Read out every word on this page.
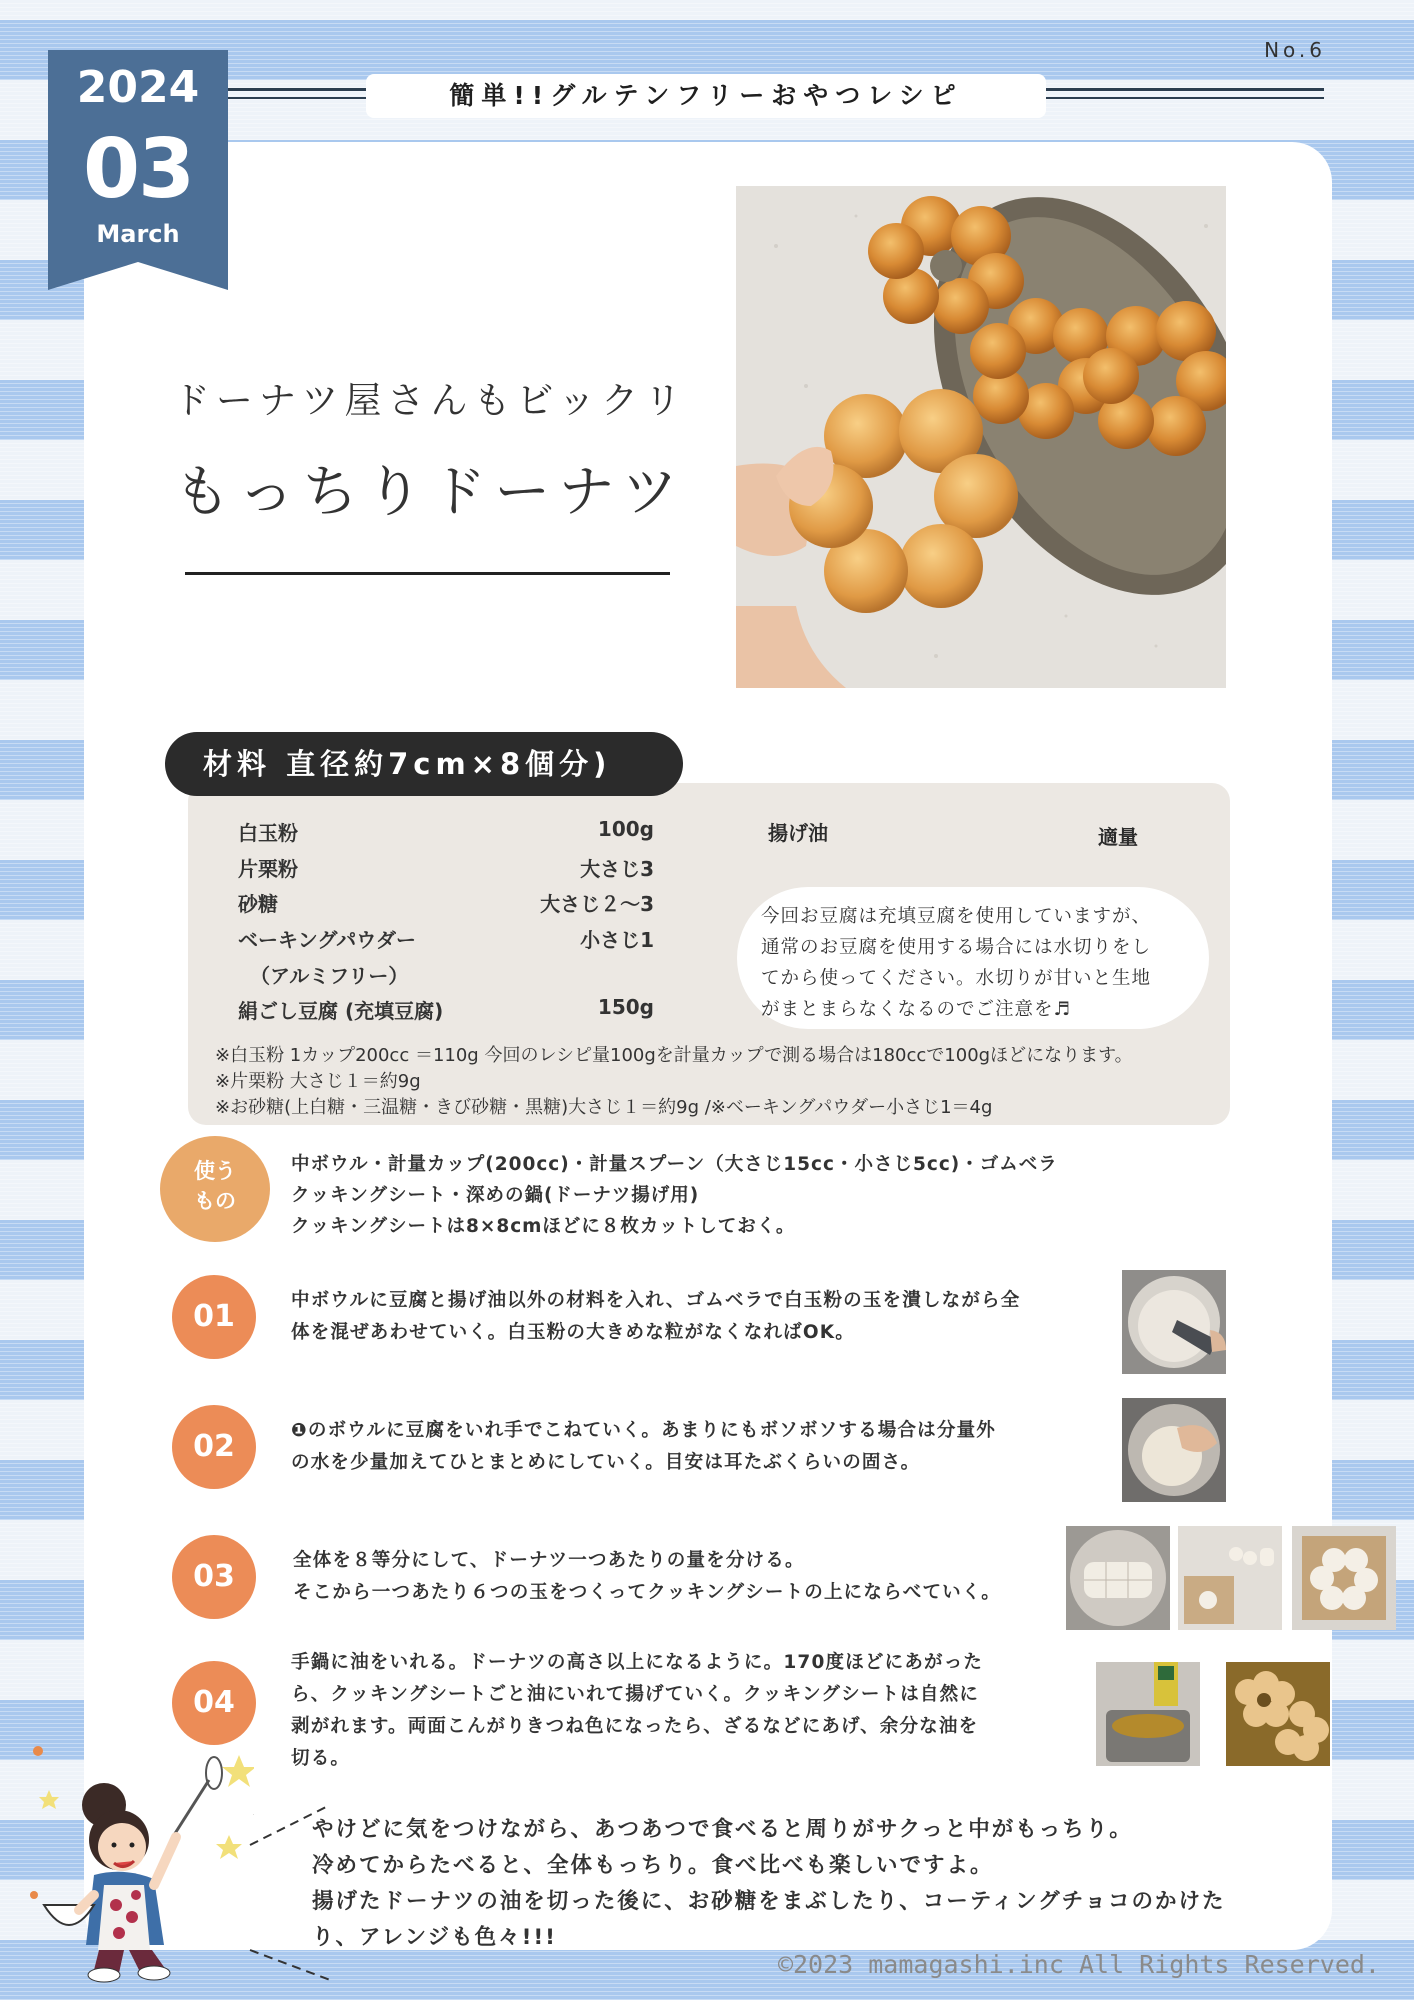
No.6
簡単!!グルテンフリーおやつレシピ
2024
03
March
ドーナツ屋さんもビックリ
もっちりドーナツ
白玉粉	100g
片栗粉	大さじ3
砂糖	大さじ２〜3
ベーキングパウダー	小さじ1
（アルミフリー）
絹ごし豆腐 (充填豆腐)	150g
揚げ油	適量
今回お豆腐は充填豆腐を使用していますが、
通常のお豆腐を使用する場合には水切りをし
てから使ってください。水切りが甘いと生地
がまとまらなくなるのでご注意を♬
※白玉粉 1カップ200cc ＝110g 今回のレシピ量100gを計量カップで測る場合は180ccで100gほどになります。
※片栗粉 大さじ１＝約9g
※お砂糖(上白糖・三温糖・きび砂糖・黒糖)大さじ１＝約9g /※ベーキングパウダー小さじ1＝4g
材料 直径約7cm×8個分)
使う
もの
中ボウル・計量カップ(200cc)・計量スプーン（大さじ15cc・小さじ5cc)・ゴムベラ
クッキングシート・深めの鍋(ドーナツ揚げ用)
クッキングシートは8×8cmほどに８枚カットしておく。
01	中ボウルに豆腐と揚げ油以外の材料を入れ、ゴムベラで白玉粉の玉を潰しながら全
体を混ぜあわせていく。白玉粉の大きめな粒がなくなればOK。
02	❶のボウルに豆腐をいれ手でこねていく。あまりにもボソボソする場合は分量外
の水を少量加えてひとまとめにしていく。目安は耳たぶくらいの固さ。
03	全体を８等分にして、ドーナツ一つあたりの量を分ける。
そこから一つあたり６つの玉をつくってクッキングシートの上にならべていく。
04
手鍋に油をいれる。ドーナツの高さ以上になるように。170度ほどにあがった
ら、クッキングシートごと油にいれて揚げていく。クッキングシートは自然に
剥がれます。両面こんがりきつね色になったら、ざるなどにあげ、余分な油を
切る。
やけどに気をつけながら、あつあつで食べると周りがサクっと中がもっちり。
冷めてからたべると、全体もっちり。食べ比べも楽しいですよ。
揚げたドーナツの油を切った後に、お砂糖をまぶしたり、コーティングチョコのかけた
り、アレンジも色々!!!
©2023 mamagashi.inc All Rights Reserved.
